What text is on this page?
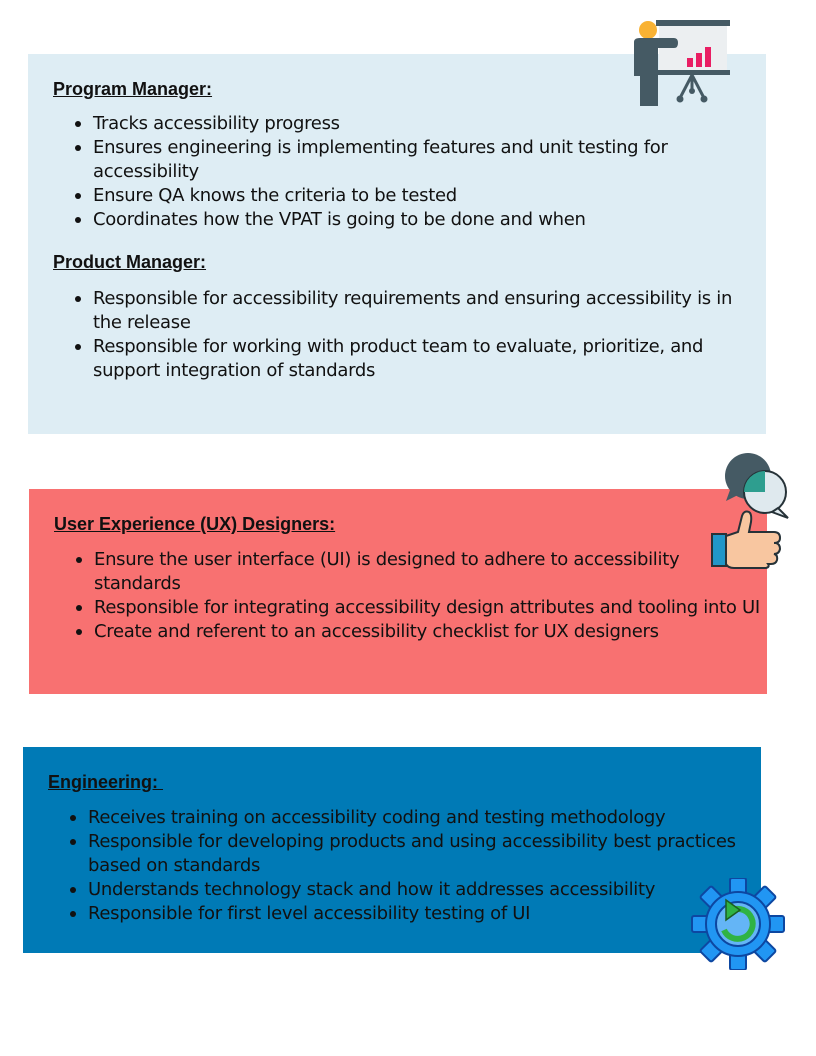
Program Manager:
Tracks accessibility progress
Ensures engineering is implementing features and unit testing for accessibility
Ensure QA knows the criteria to be tested
Coordinates how the VPAT is going to be done and when
Product Manager:
Responsible for accessibility requirements and ensuring accessibility is in the release
Responsible for working with product team to evaluate, prioritize, and support integration of standards
User Experience (UX) Designers:
Ensure the user interface (UI) is designed to adhere to accessibility standards
Responsible for integrating accessibility design attributes and tooling into UI
Create and referent to an accessibility checklist for UX designers
Engineering:
Receives training on accessibility coding and testing methodology
Responsible for developing products and using accessibility best practices based on standards
Understands technology stack and how it addresses accessibility
Responsible for first level accessibility testing of UI
